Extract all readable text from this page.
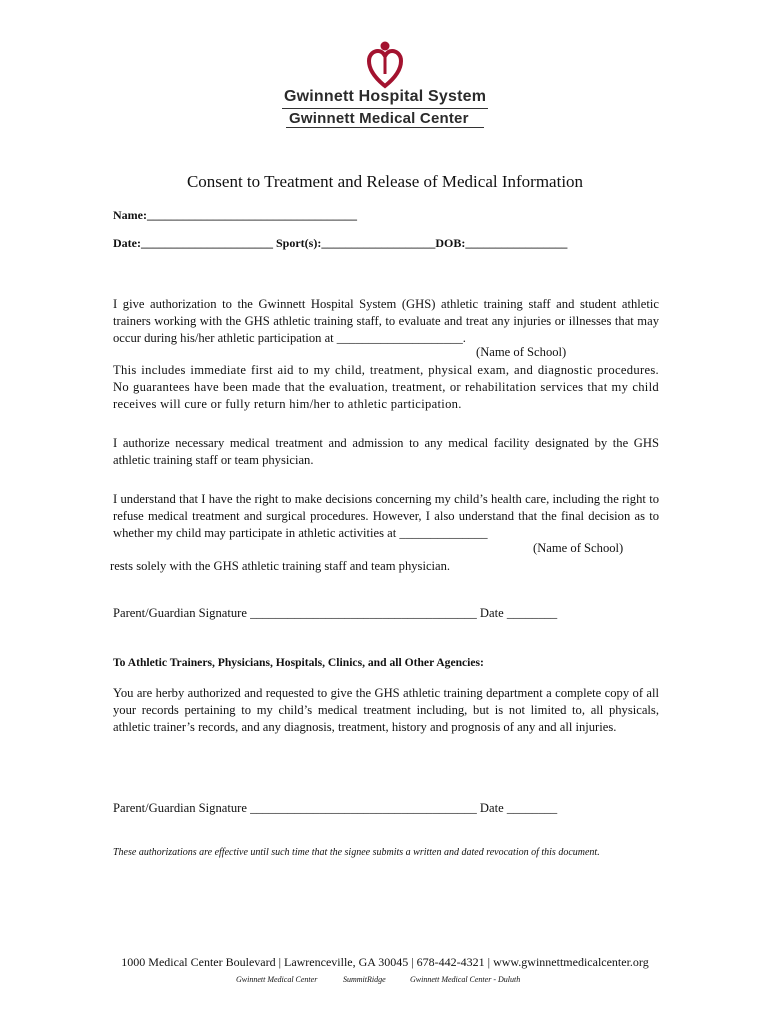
Gwinnett Hospital System
Gwinnett Medical Center
Consent to Treatment and Release of Medical Information
Name:___________________________________
Date:______________________ Sport(s):___________________DOB:_________________
I give authorization to the Gwinnett Hospital System (GHS) athletic training staff and student athletic trainers working with the GHS athletic training staff, to evaluate and treat any injuries or illnesses that may occur during his/her athletic participation at ____________________.
(Name of School)
This includes immediate first aid to my child, treatment, physical exam, and diagnostic procedures. No guarantees have been made that the evaluation, treatment, or rehabilitation services that my child receives will cure or fully return him/her to athletic participation.
I authorize necessary medical treatment and admission to any medical facility designated by the GHS athletic training staff or team physician.
I understand that I have the right to make decisions concerning my child’s health care, including the right to refuse medical treatment and surgical procedures. However, I also understand that the final decision as to whether my child may participate in athletic activities at ______________
(Name of School)
rests solely with the GHS athletic training staff and team physician.
Parent/Guardian Signature ____________________________________ Date ________
To Athletic Trainers, Physicians, Hospitals, Clinics, and all Other Agencies:
You are herby authorized and requested to give the GHS athletic training department a complete copy of all your records pertaining to my child’s medical treatment including, but is not limited to, all physicals, athletic trainer’s records, and any diagnosis, treatment, history and prognosis of any and all injuries.
Parent/Guardian Signature ____________________________________ Date ________
These authorizations are effective until such time that the signee submits a written and dated revocation of this document.
1000 Medical Center Boulevard | Lawrenceville, GA 30045 | 678-442-4321 | www.gwinnettmedicalcenter.org
Gwinnett Medical Center	SummitRidge	Gwinnett Medical Center - Duluth
